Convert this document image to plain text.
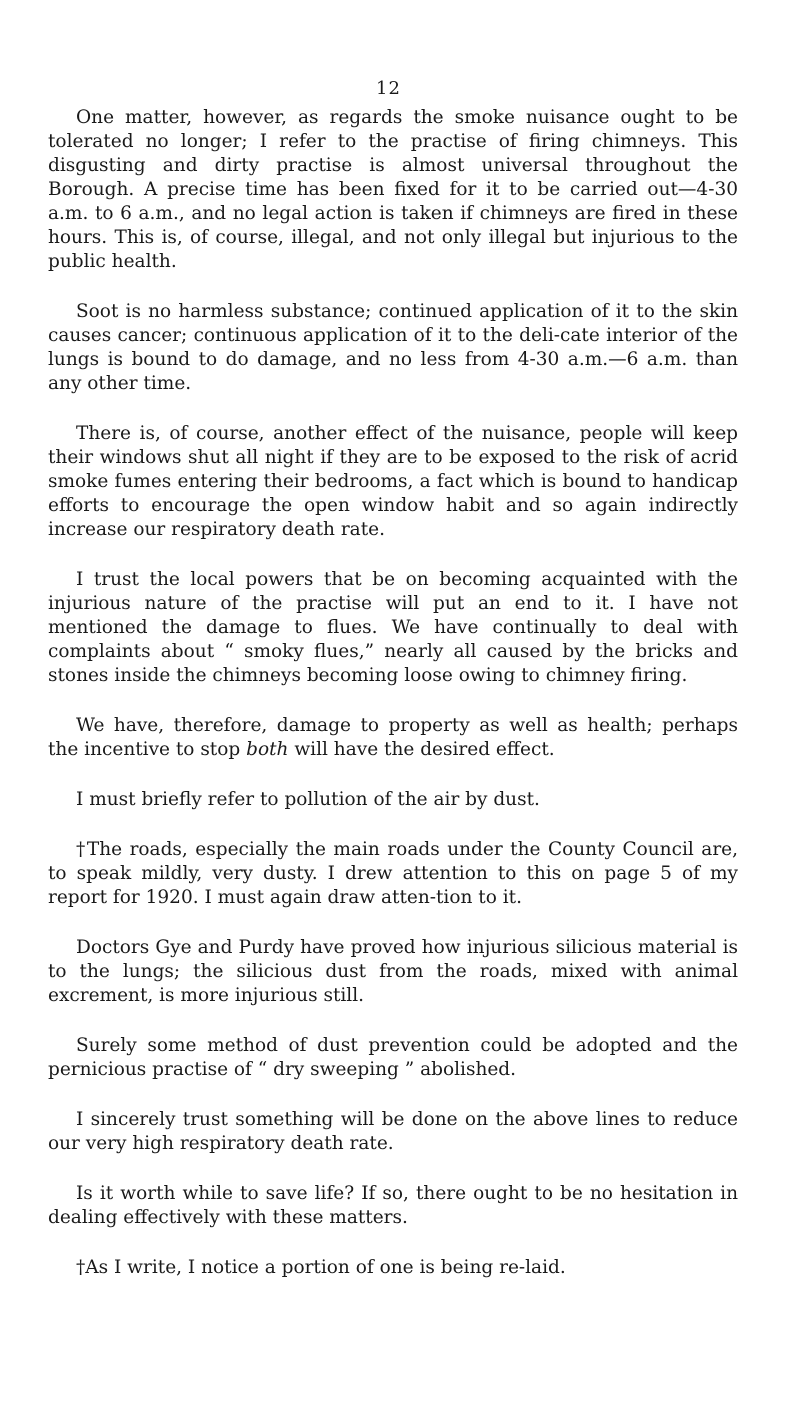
12

One matter, however, as regards the smoke nuisance ought to be tolerated no longer; I refer to the practise of firing chimneys. This disgusting and dirty practise is almost universal throughout the Borough. A precise time has been fixed for it to be carried out—4-30 a.m. to 6 a.m., and no legal action is taken if chimneys are fired in these hours. This is, of course, illegal, and not only illegal but injurious to the public health.

Soot is no harmless substance; continued application of it to the skin causes cancer; continuous application of it to the deli-cate interior of the lungs is bound to do damage, and no less from 4-30 a.m.—6 a.m. than any other time.

There is, of course, another effect of the nuisance, people will keep their windows shut all night if they are to be exposed to the risk of acrid smoke fumes entering their bedrooms, a fact which is bound to handicap efforts to encourage the open window habit and so again indirectly increase our respiratory death rate.

I trust the local powers that be on becoming acquainted with the injurious nature of the practise will put an end to it. I have not mentioned the damage to flues. We have continually to deal with complaints about “ smoky flues,” nearly all caused by the bricks and stones inside the chimneys becoming loose owing to chimney firing.

We have, therefore, damage to property as well as health; perhaps the incentive to stop both will have the desired effect.

I must briefly refer to pollution of the air by dust.

†The roads, especially the main roads under the County Council are, to speak mildly, very dusty. I drew attention to this on page 5 of my report for 1920. I must again draw atten-tion to it.

Doctors Gye and Purdy have proved how injurious silicious material is to the lungs; the silicious dust from the roads, mixed with animal excrement, is more injurious still.

Surely some method of dust prevention could be adopted and the pernicious practise of “ dry sweeping ” abolished.

I sincerely trust something will be done on the above lines to reduce our very high respiratory death rate.

Is it worth while to save life? If so, there ought to be no hesitation in dealing effectively with these matters.

†As I write, I notice a portion of one is being re-laid.
